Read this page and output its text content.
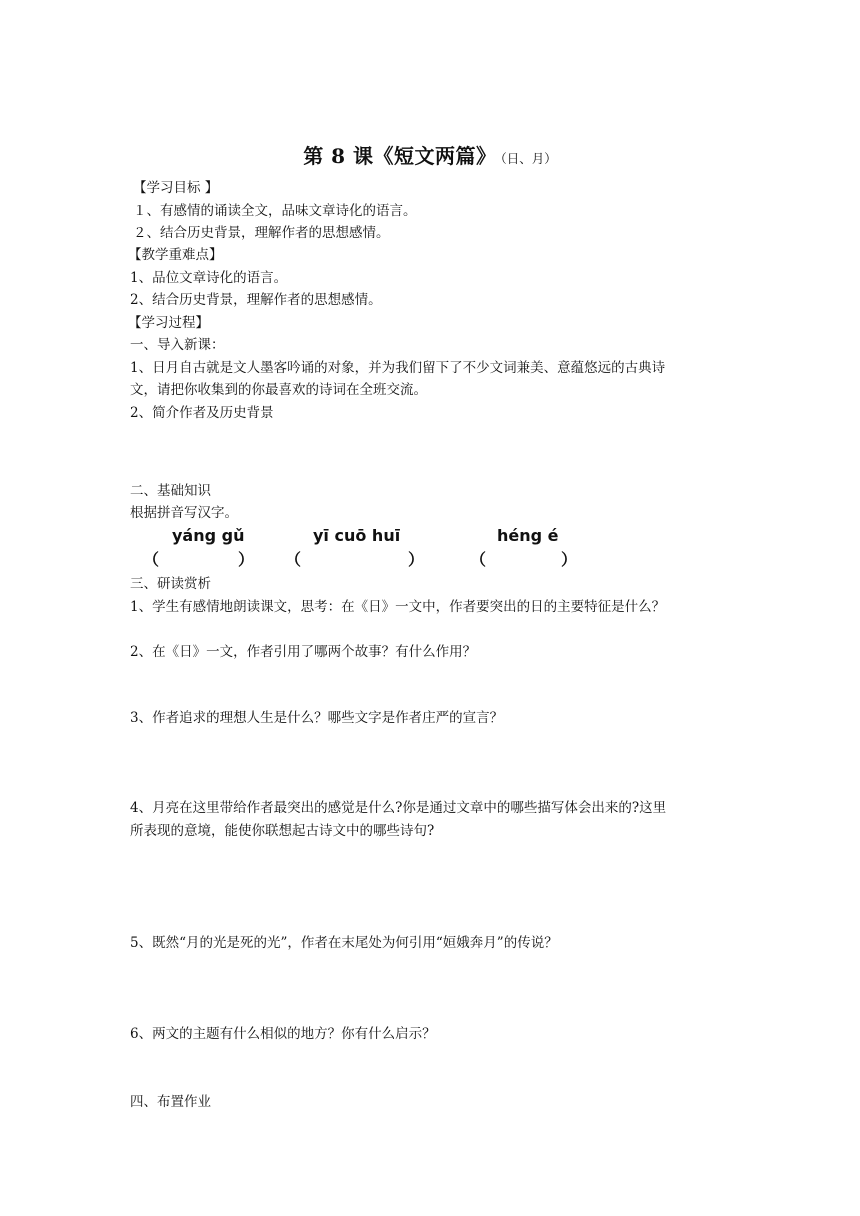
第 8 课《短文两篇》 （日、月）
【学习目标 】
１、有感情的诵读全文，品味文章诗化的语言。
２、结合历史背景，理解作者的思想感情。
【教学重难点】
1、品位文章诗化的语言。
2、结合历史背景，理解作者的思想感情。
【学习过程】
一、导入新课：
1、日月自古就是文人墨客吟诵的对象，并为我们留下了不少文词兼美、意蕴悠远的古典诗
文，请把你收集到的你最喜欢的诗词在全班交流。
2、简介作者及历史背景
二、基础知识
根据拼音写汉字。
yáng gǔ	yī cuō huī	héng é
（	） （	）	（	）
三、研读赏析
1、学生有感情地朗读课文，思考：在《日》一文中，作者要突出的日的主要特征是什么？
2、在《日》一文，作者引用了哪两个故事？有什么作用？
3、作者追求的理想人生是什么？哪些文字是作者庄严的宣言？
4、月亮在这里带给作者最突出的感觉是什么?你是通过文章中的哪些描写体会出来的?这里
所表现的意境，能使你联想起古诗文中的哪些诗句?
5、既然“月的光是死的光”，作者在末尾处为何引用“姮娥奔月”的传说？
6、两文的主题有什么相似的地方？你有什么启示？
四、布置作业
